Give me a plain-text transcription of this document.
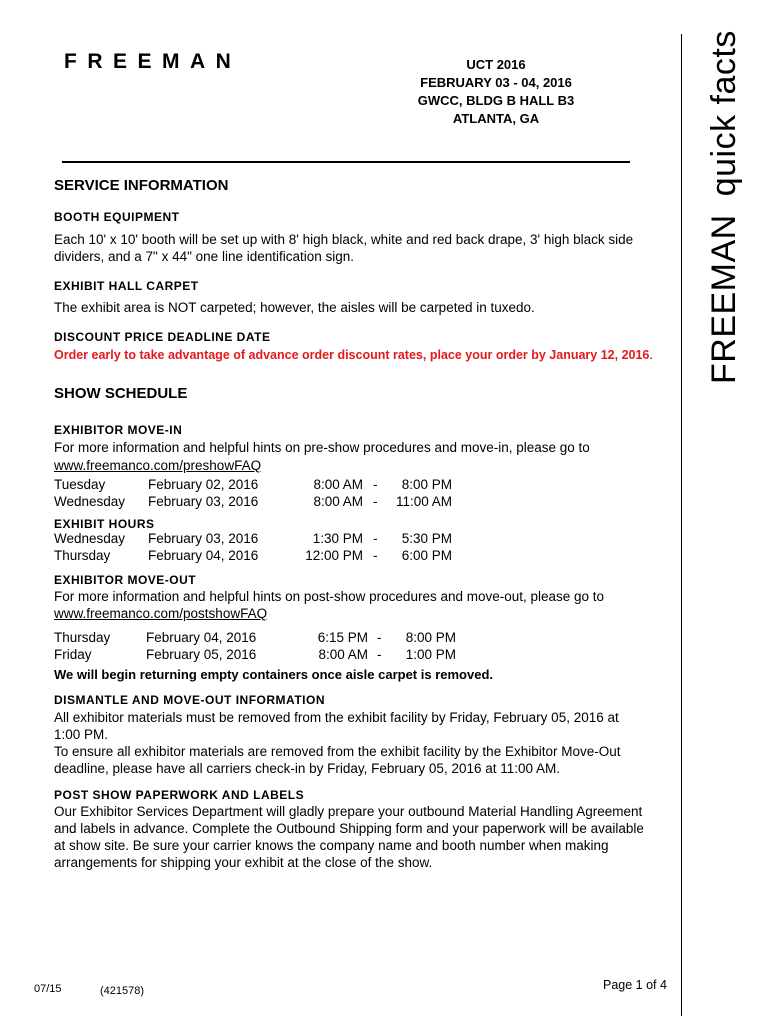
FREEMAN	UCT 2016
FEBRUARY 03 - 04, 2016
GWCC, BLDG B HALL B3
ATLANTA, GA
FREEMANquick facts
SERVICE INFORMATION
BOOTH EQUIPMENT
Each 10' x 10' booth will be set up with 8' high black, white and red back drape, 3' high black side
dividers, and a 7" x 44" one line identification sign.
EXHIBIT HALL CARPET
The exhibit area is NOT carpeted; however, the aisles will be carpeted in tuxedo.
DISCOUNT PRICE DEADLINE DATE
Order early to take advantage of advance order discount rates, place your order by January 12, 2016.
SHOW SCHEDULE
EXHIBITOR MOVE-IN
For more information and helpful hints on pre-show procedures and move-in, please go to
www.freemanco.com/preshowFAQ
Tuesday	February 02, 2016	8:00 AM - 8:00 PM
Wednesday February 03, 2016	8:00 AM - 11:00 AM
EXHIBIT HOURS
Wednesday February 03, 2016	1:30 PM - 5:30 PM
Thursday	February 04, 2016	12:00 PM - 6:00 PM
EXHIBITOR MOVE-OUT
For more information and helpful hints on post-show procedures and move-out, please go to
www.freemanco.com/postshowFAQ
Thursday	February 04, 2016	6:15 PM - 8:00 PM
Friday	February 05, 2016	8:00 AM - 1:00 PM
We will begin returning empty containers once aisle carpet is removed.
DISMANTLE AND MOVE-OUT INFORMATION
All exhibitor materials must be removed from the exhibit facility by Friday, February 05, 2016 at
1:00 PM.
To ensure all exhibitor materials are removed from the exhibit facility by the Exhibitor Move-Out
deadline, please have all carriers check-in by Friday, February 05, 2016 at 11:00 AM.
POST SHOW PAPERWORK AND LABELS
Our Exhibitor Services Department will gladly prepare your outbound Material Handling Agreement
and labels in advance. Complete the Outbound Shipping form and your paperwork will be available
at show site. Be sure your carrier knows the company name and booth number when making
arrangements for shipping your exhibit at the close of the show.
07/15	(421578)	Page 1 of 4
